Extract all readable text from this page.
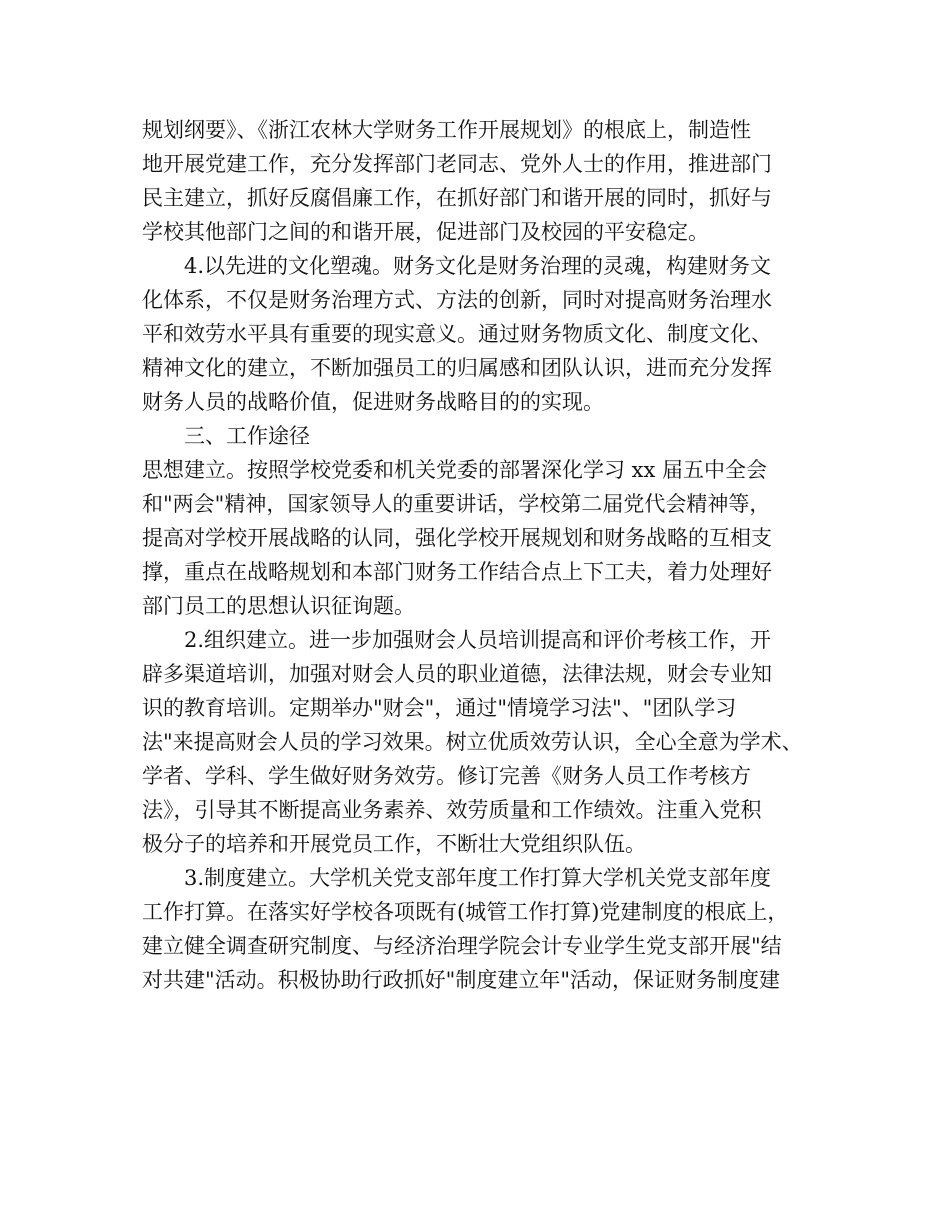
规划纲要》、《浙江农林大学财务工作开展规划》的根底上，制造性
地开展党建工作，充分发挥部门老同志、党外人士的作用，推进部门
民主建立，抓好反腐倡廉工作，在抓好部门和谐开展的同时，抓好与
学校其他部门之间的和谐开展，促进部门及校园的平安稳定。
4.以先进的文化塑魂。财务文化是财务治理的灵魂，构建财务文
化体系，不仅是财务治理方式、方法的创新，同时对提高财务治理水
平和效劳水平具有重要的现实意义。通过财务物质文化、制度文化、
精神文化的建立，不断加强员工的归属感和团队认识，进而充分发挥
财务人员的战略价值，促进财务战略目的的实现。
三、工作途径
思想建立。按照学校党委和机关党委的部署深化学习 xx 届五中全会
和"两会"精神，国家领导人的重要讲话，学校第二届党代会精神等，
提高对学校开展战略的认同，强化学校开展规划和财务战略的互相支
撑，重点在战略规划和本部门财务工作结合点上下工夫，着力处理好
部门员工的思想认识征询题。
2.组织建立。进一步加强财会人员培训提高和评价考核工作，开
辟多渠道培训，加强对财会人员的职业道德，法律法规，财会专业知
识的教育培训。定期举办"财会"，通过"情境学习法"、"团队学习
法"来提高财会人员的学习效果。树立优质效劳认识，全心全意为学术、
学者、学科、学生做好财务效劳。修订完善《财务人员工作考核方
法》，引导其不断提高业务素养、效劳质量和工作绩效。注重入党积
极分子的培养和开展党员工作，不断壮大党组织队伍。
3.制度建立。大学机关党支部年度工作打算大学机关党支部年度
工作打算。在落实好学校各项既有(城管工作打算)党建制度的根底上，
建立健全调查研究制度、与经济治理学院会计专业学生党支部开展"结
对共建"活动。积极协助行政抓好"制度建立年"活动，保证财务制度建
